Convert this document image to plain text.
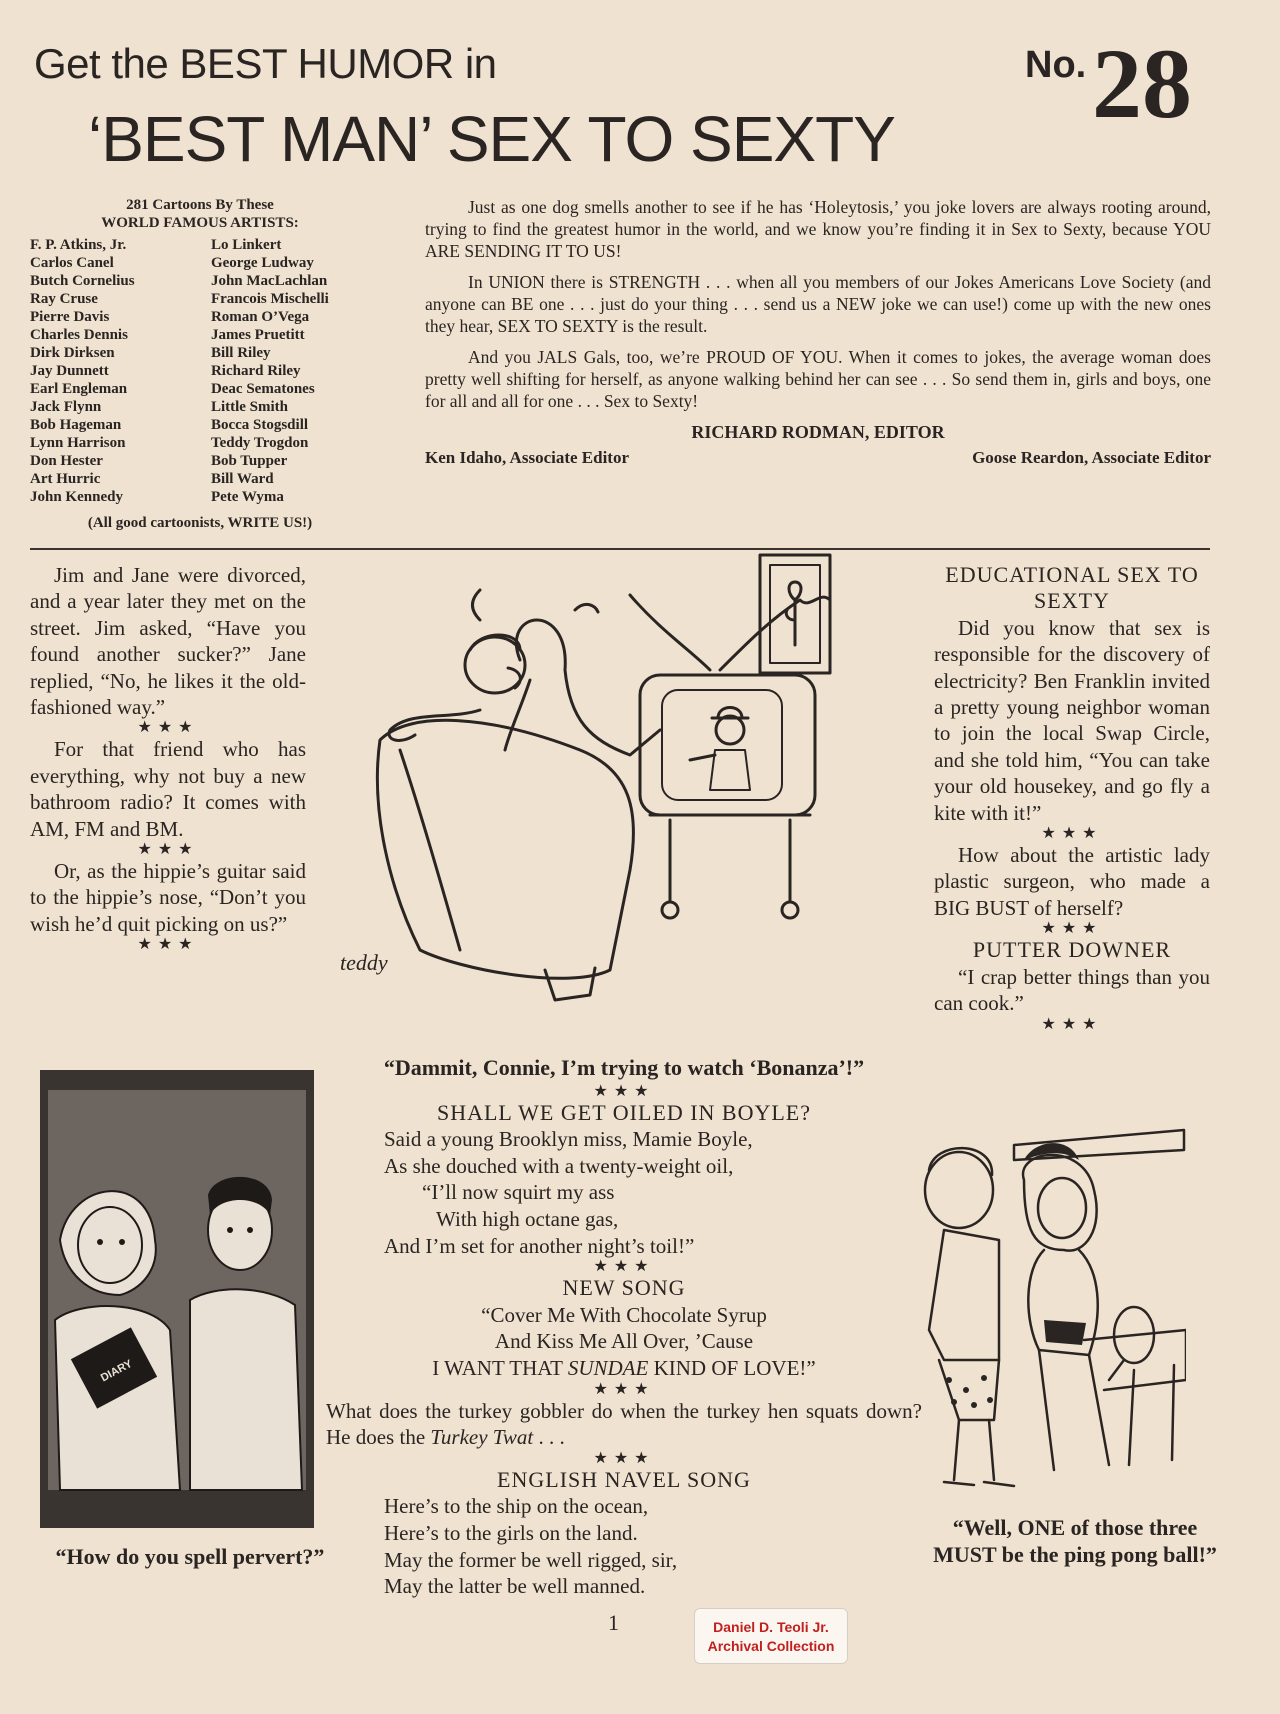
Get the BEST HUMOR in
‘BEST MAN’ SEX TO SEXTY
No. 28
281 Cartoons By These
WORLD FAMOUS ARTISTS:
F. P. Atkins, Jr.
Carlos Canel
Butch Cornelius
Ray Cruse
Pierre Davis
Charles Dennis
Dirk Dirksen
Jay Dunnett
Earl Engleman
Jack Flynn
Bob Hageman
Lynn Harrison
Don Hester
Art Hurric
John Kennedy
Lo Linkert
George Ludway
John MacLachlan
Francois Mischelli
Roman O’Vega
James Pruetitt
Bill Riley
Richard Riley
Deac Sematones
Little Smith
Bocca Stogsdill
Teddy Trogdon
Bob Tupper
Bill Ward
Pete Wyma
(All good cartoonists, WRITE US!)

Just as one dog smells another to see if he has ‘Holeytosis,’ you joke lovers are always rooting around, trying to find the greatest humor in the world, and we know you’re finding it in Sex to Sexty, because YOU ARE SENDING IT TO US!

In UNION there is STRENGTH . . . when all you members of our Jokes Americans Love Society (and anyone can BE one . . . just do your thing . . . send us a NEW joke we can use!) come up with the new ones they hear, SEX TO SEXTY is the result.

And you JALS Gals, too, we’re PROUD OF YOU. When it comes to jokes, the average woman does pretty well shifting for herself, as anyone walking behind her can see . . . So send them in, girls and boys, one for all and all for one . . . Sex to Sexty!

RICHARD RODMAN, EDITOR
Ken Idaho, Associate Editor	Goose Reardon, Associate Editor

Jim and Jane were divorced, and a year later they met on the street. Jim asked, “Have you found another sucker?” Jane replied, “No, he likes it the old-fashioned way.”

★★★

For that friend who has everything, why not buy a new bathroom radio? It comes with AM, FM and BM.

★★★

Or, as the hippie’s guitar said to the hippie’s nose, “Don’t you wish he’d quit picking on us?”

★★★
EDUCATIONAL SEX TO SEXTY

Did you know that sex is responsible for the discovery of electricity? Ben Franklin invited a pretty young neighbor woman to join the local Swap Circle, and she told him, “You can take your old housekey, and go fly a kite with it!”

★★★

How about the artistic lady plastic surgeon, who made a BIG BUST of herself?

★★★
PUTTER DOWNER

“I crap better things than you can cook.”

★★★
teddy
“Dammit, Connie, I’m trying to watch ‘Bonanza’!”
★★★
SHALL WE GET OILED IN BOYLE?
Said a young Brooklyn miss, Mamie Boyle,
As she douched with a twenty-weight oil,
“I’ll now squirt my ass
With high octane gas,
And I’m set for another night’s toil!”
★★★
NEW SONG
“Cover Me With Chocolate Syrup
And Kiss Me All Over, ’Cause
I WANT THAT SUNDAE KIND OF LOVE!”
★★★
What does the turkey gobbler do when the turkey hen squats down? He does the Turkey Twat . . .
★★★
ENGLISH NAVEL SONG
Here’s to the ship on the ocean,
Here’s to the girls on the land.
May the former be well rigged, sir,
May the latter be well manned.
DIARY
“How do you spell pervert?”
“Well, ONE of those three MUST be the ping pong ball!”
1	Daniel D. Teoli Jr.
Archival Collection
